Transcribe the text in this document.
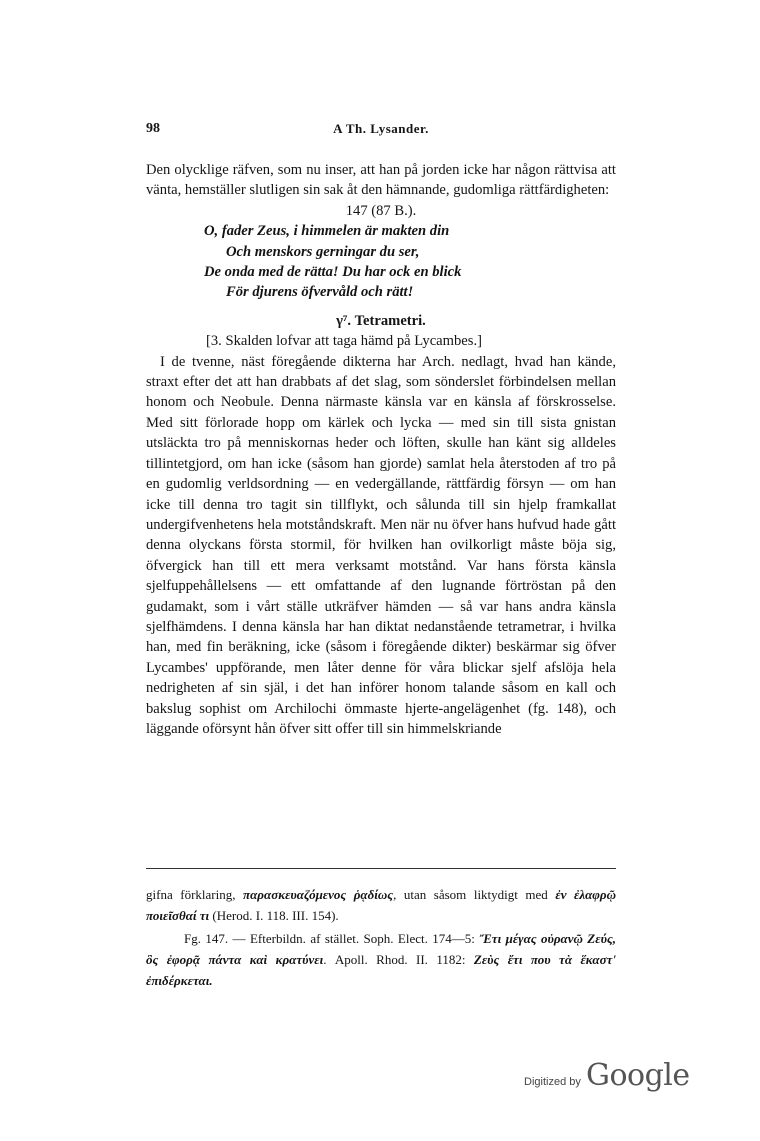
98	A Th. Lysander.

Den olycklige räfven, som nu inser, att han på jorden icke har någon rättvisa att vänta, hemställer slutligen sin sak åt den hämnande, gudomliga rättfärdigheten:

147 (87 B.).

O, fader Zeus, i himmelen är makten din
Och menskors gerningar du ser,
De onda med de rätta! Du har ock en blick
För djurens öfvervåld och rätt!

γ⁷. Tetrametri.

[3. Skalden lofvar att taga hämd på Lycambes.]

I de tvenne, näst föregående dikterna har Arch. nedlagt, hvad han kände, straxt efter det att han drabbats af det slag, som sönderslet förbindelsen mellan honom och Neobule. Denna närmaste känsla var en känsla af förskrosselse. Med sitt förlorade hopp om kärlek och lycka — med sin till sista gnistan utsläckta tro på menniskornas heder och löften, skulle han känt sig alldeles tillintetgjord, om han icke (såsom han gjorde) samlat hela återstoden af tro på en gudomlig verldsordning — en vedergällande, rättfärdig försyn — om han icke till denna tro tagit sin tillflykt, och sålunda till sin hjelp framkallat undergifvenhetens hela motståndskraft. Men när nu öfver hans hufvud hade gått denna olyckans första stormil, för hvilken han ovilkorligt måste böja sig, öfvergick han till ett mera verksamt motstånd. Var hans första känsla sjelfuppehållelsens — ett omfattande af den lugnande förtröstan på den gudamakt, som i vårt ställe utkräfver hämden — så var hans andra känsla sjelfhämdens. I denna känsla har han diktat nedanstående tetrametrar, i hvilka han, med fin beräkning, icke (såsom i föregående dikter) beskärmar sig öfver Lycambes' uppförande, men låter denne för våra blickar sjelf afslöja hela nedrigheten af sin själ, i det han införer honom talande såsom en kall och bakslug sophist om Archilochi ömmaste hjerte-angelägenhet (fg. 148), och läggande oförsynt hån öfver sitt offer till sin himmelskriande

gifna förklaring, παρασκευαζόμενος ῥᾳδίως, utan såsom liktydigt med ἐν ἐλαφρῷ ποιεῖσθαί τι (Herod. I. 118. III. 154).

Fg. 147. — Efterbildn. af stället. Soph. Elect. 174—5: Ἔτι μέγας οὐρανῷ Ζεύς, ὃς ἐφορᾷ πάντα καὶ κρατύνει. Apoll. Rhod. II. 1182: Ζεὺς ἔτι που τὰ ἕκαστ' ἐπιδέρκεται.

Digitized by Google
